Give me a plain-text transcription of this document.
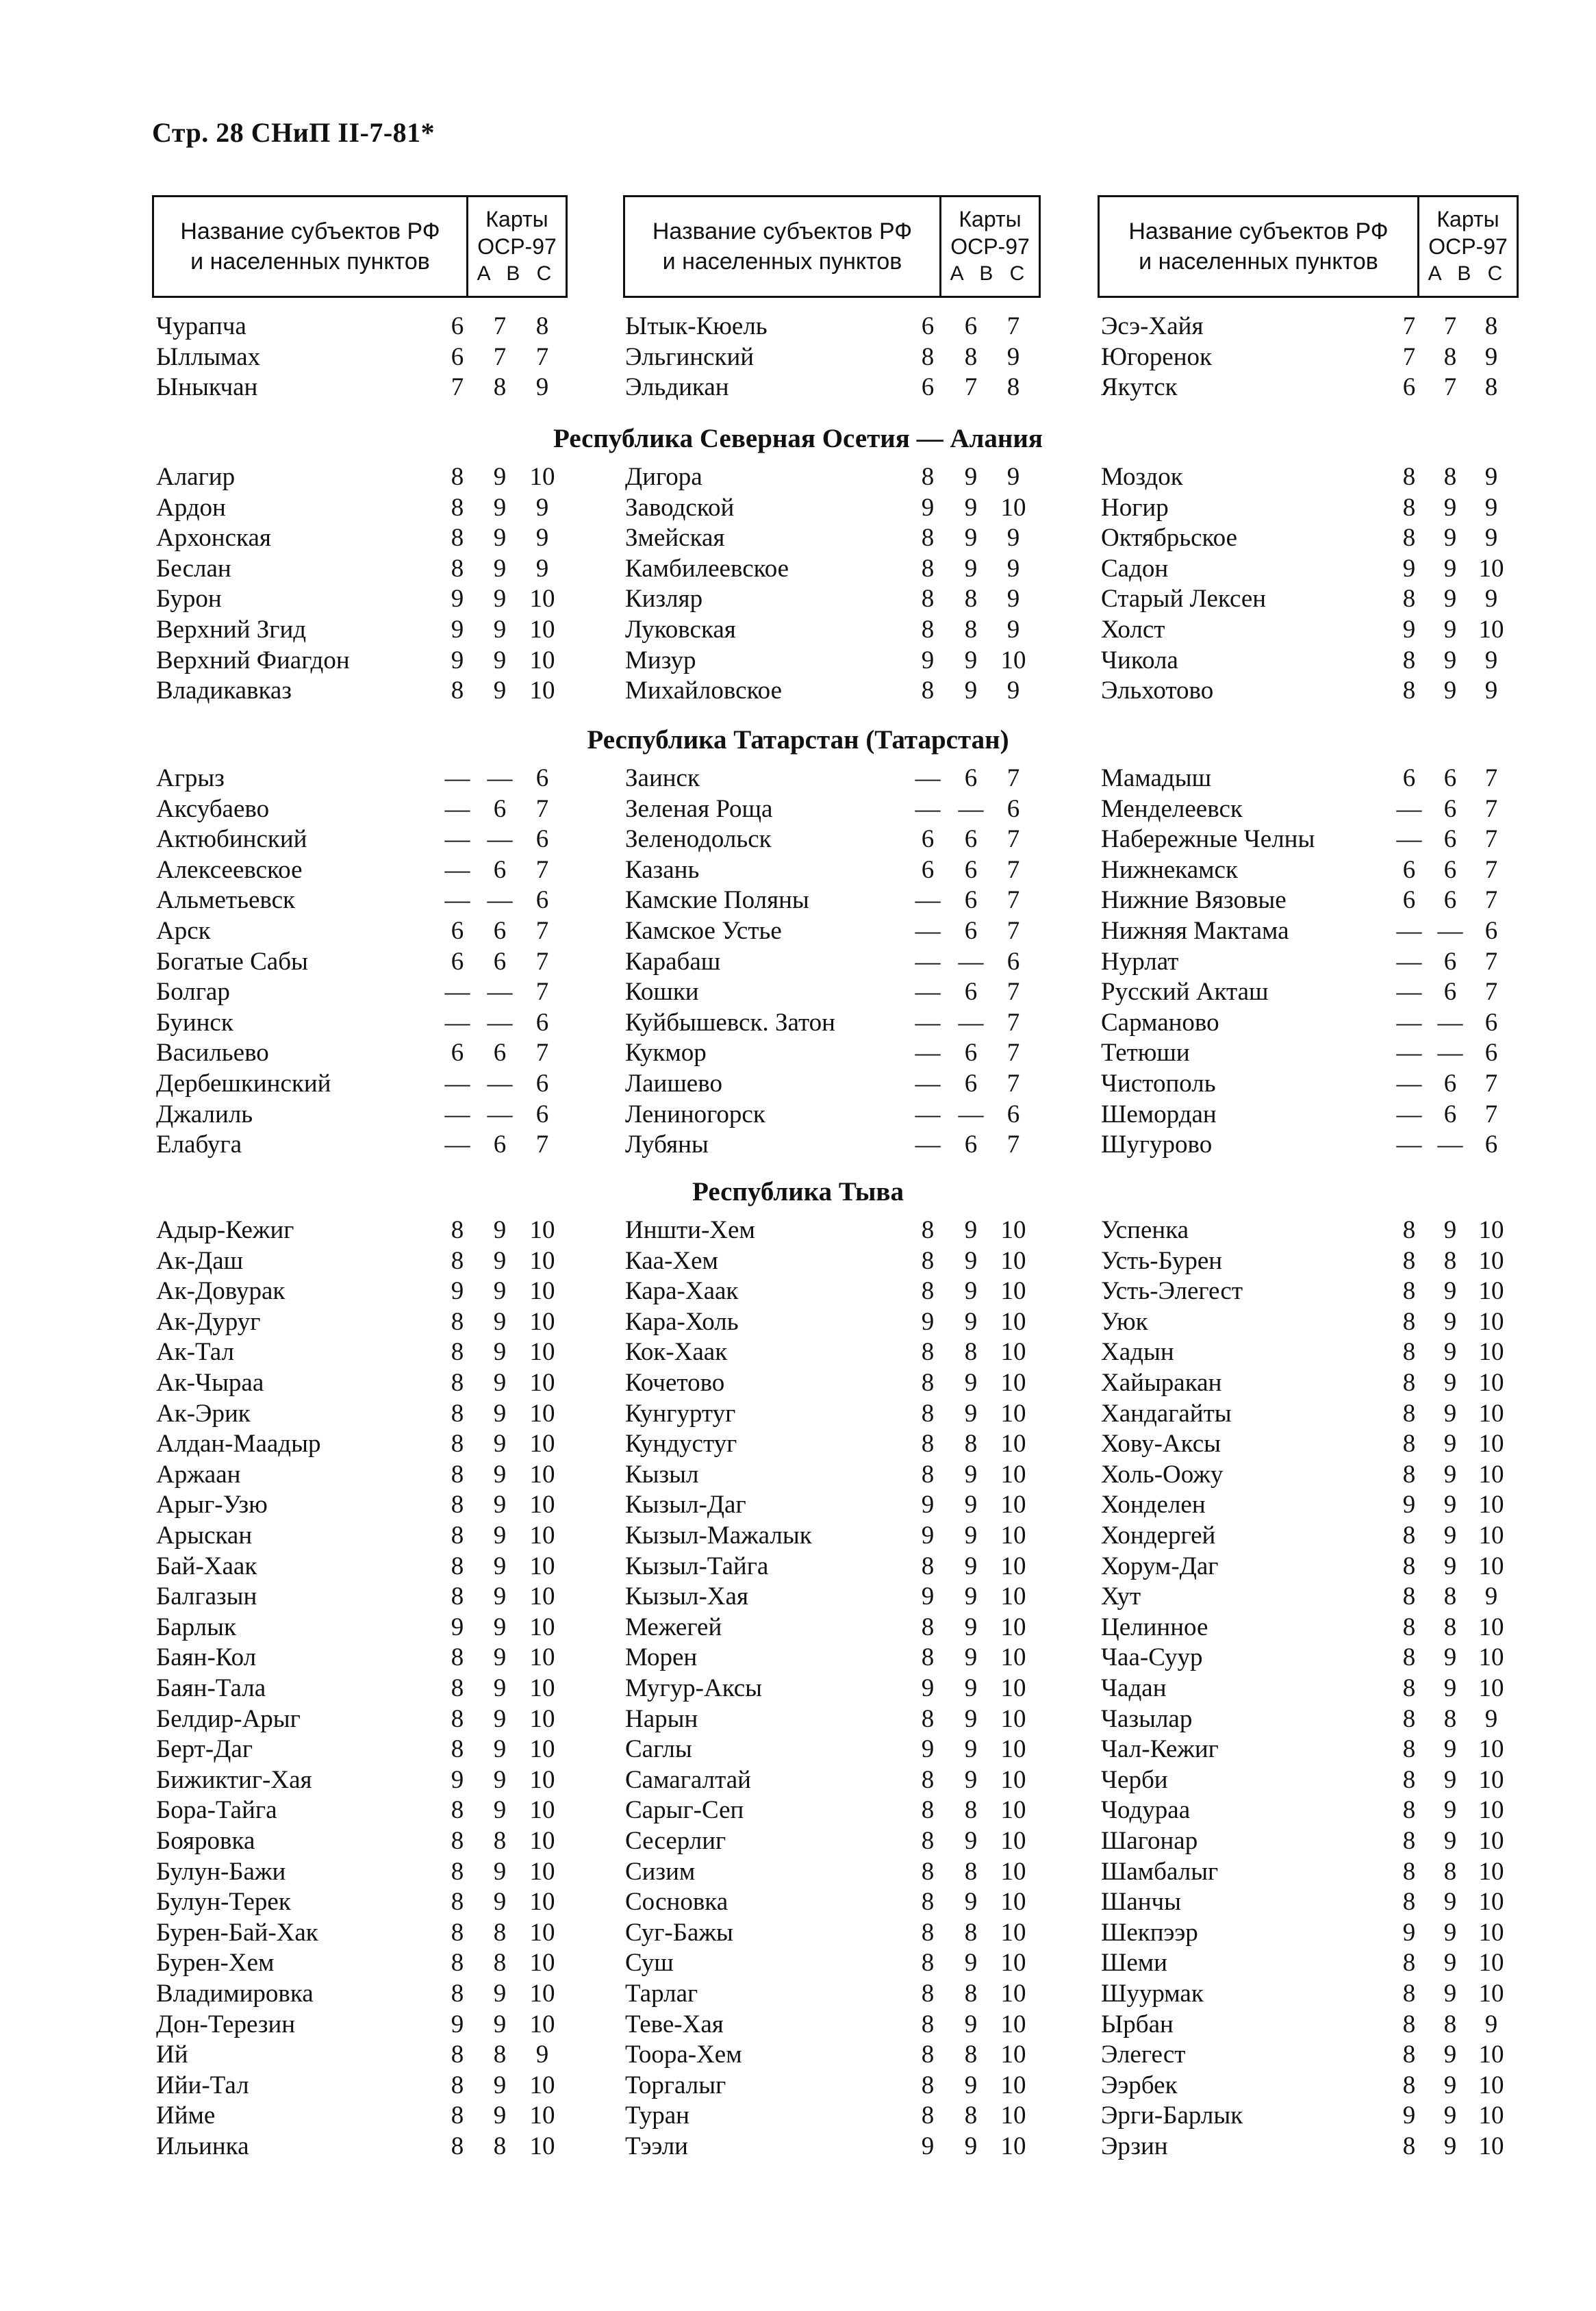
Стр. 28 СНиП II-7-81*
Название субъектов РФ
и населенных пунктов
Карты
ОСР-97
A B C
Название субъектов РФ
и населенных пунктов
Карты
ОСР-97
A B C
Название субъектов РФ
и населенных пунктов
Карты
ОСР-97
A B C
Чурапча	6	7	8
Ыллымах	6	7	7
Ыныкчан	7	8	9
Ытык-Кюель	6	6	7
Эльгинский	8	8	9
Эльдикан	6	7	8
Эсэ-Хайя	7	7	8
Югоренок	7	8	9
Якутск	6	7	8
Республика Северная Осетия — Алания
Алагир	8	9 10
Ардон	8	9	9
Архонская	8	9	9
Беслан	8	9	9
Бурон	9	9 10
Верхний Згид	9	9 10
Верхний Фиагдон	9	9 10
Владикавказ	8	9 10
Дигора	8	9	9
Заводской	9	9 10
Змейская	8	9	9
Камбилеевское	8	9	9
Кизляр	8	8	9
Луковская	8	8	9
Мизур	9	9 10
Михайловское	8	9	9
Моздок	8	8	9
Ногир	8	9	9
Октябрьское	8	9	9
Садон	9	9 10
Старый Лексен	8	9	9
Холст	9	9 10
Чикола	8	9	9
Эльхотово	8	9	9
Республика Татарстан (Татарстан)
Агрыз	— — 6
Аксубаево	— 6	7
Актюбинский	— — 6
Алексеевское	— 6	7
Альметьевск	— — 6
Арск	6	6	7
Богатые Сабы	6	6	7
Болгар	— — 7
Буинск	— — 6
Васильево	6	6	7
Дербешкинский	— — 6
Джалиль	— — 6
Елабуга	— 6	7
Заинск	— 6	7
Зеленая Роща	— — 6
Зеленодольск	6	6	7
Казань	6	6	7
Камские Поляны	— 6	7
Камское Устье	— 6	7
Карабаш	— — 6
Кошки	— 6	7
Куйбышевск. Затон	— — 7
Кукмор	— 6	7
Лаишево	— 6	7
Лениногорск	— — 6
Лубяны	— 6	7
Мамадыш	6	6	7
Менделеевск	— 6	7
Набережные Челны	— 6	7
Нижнекамск	6	6	7
Нижние Вязовые	6	6	7
Нижняя Мактама	— — 6
Нурлат	— 6	7
Русский Акташ	— 6	7
Сарманово	— — 6
Тетюши	— — 6
Чистополь	— 6	7
Шемордан	— 6	7
Шугурово	— — 6
Республика Тыва
Адыр-Кежиг	8	9 10
Ак-Даш	8	9 10
Ак-Довурак	9	9 10
Ак-Дуруг	8	9 10
Ак-Тал	8	9 10
Ак-Чыраа	8	9 10
Ак-Эрик	8	9 10
Алдан-Маадыр	8	9 10
Аржаан	8	9 10
Арыг-Узю	8	9 10
Арыскан	8	9 10
Бай-Хаак	8	9 10
Балгазын	8	9 10
Барлык	9	9 10
Баян-Кол	8	9 10
Баян-Тала	8	9 10
Белдир-Арыг	8	9 10
Берт-Даг	8	9 10
Бижиктиг-Хая	9	9 10
Бора-Тайга	8	9 10
Бояровка	8	8 10
Булун-Бажи	8	9 10
Булун-Терек	8	9 10
Бурен-Бай-Хак	8	8 10
Бурен-Хем	8	8 10
Владимировка	8	9 10
Дон-Терезин	9	9 10
Ий	8	8	9
Ийи-Тал	8	9 10
Ийме	8	9 10
Ильинка	8	8 10
Иншти-Хем	8	9 10
Каа-Хем	8	9 10
Кара-Хаак	8	9 10
Кара-Холь	9	9 10
Кок-Хаак	8	8 10
Кочетово	8	9 10
Кунгуртуг	8	9 10
Кундустуг	8	8 10
Кызыл	8	9 10
Кызыл-Даг	9	9 10
Кызыл-Мажалык	9	9 10
Кызыл-Тайга	8	9 10
Кызыл-Хая	9	9 10
Межегей	8	9 10
Морен	8	9 10
Мугур-Аксы	9	9 10
Нарын	8	9 10
Саглы	9	9 10
Самагалтай	8	9 10
Сарыг-Сеп	8	8 10
Сесерлиг	8	9 10
Сизим	8	8 10
Сосновка	8	9 10
Суг-Бажы	8	8 10
Суш	8	9 10
Тарлаг	8	8 10
Теве-Хая	8	9 10
Тоора-Хем	8	8 10
Торгалыг	8	9 10
Туран	8	8 10
Тээли	9	9 10
Успенка	8	9 10
Усть-Бурен	8	8 10
Усть-Элегест	8	9 10
Уюк	8	9 10
Хадын	8	9 10
Хайыракан	8	9 10
Хандагайты	8	9 10
Хову-Аксы	8	9 10
Холь-Оожу	8	9 10
Хонделен	9	9 10
Хондергей	8	9 10
Хорум-Даг	8	9 10
Хут	8	8	9
Целинное	8	8 10
Чаа-Суур	8	9 10
Чадан	8	9 10
Чазылар	8	8	9
Чал-Кежиг	8	9 10
Черби	8	9 10
Чодураа	8	9 10
Шагонар	8	9 10
Шамбалыг	8	8 10
Шанчы	8	9 10
Шекпээр	9	9 10
Шеми	8	9 10
Шуурмак	8	9 10
Ырбан	8	8	9
Элегест	8	9 10
Ээрбек	8	9 10
Эрги-Барлык	9	9 10
Эрзин	8	9 10
